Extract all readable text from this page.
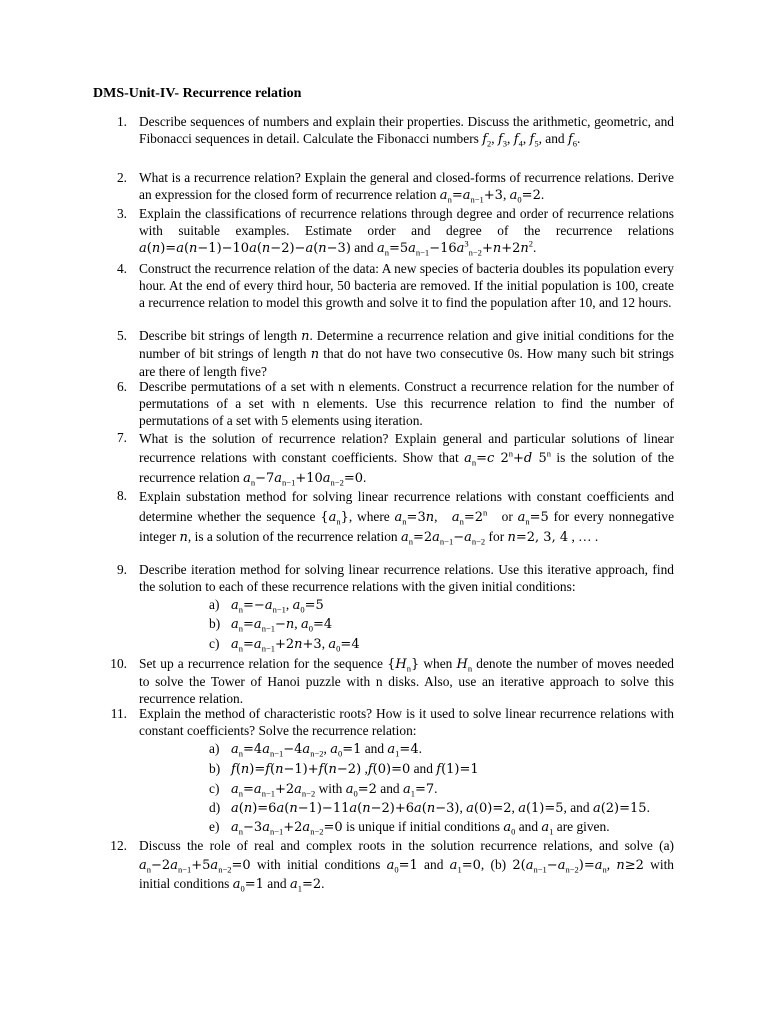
DMS-Unit-IV- Recurrence relation
1. Describe sequences of numbers and explain their properties. Discuss the arithmetic, geometric, and Fibonacci sequences in detail. Calculate the Fibonacci numbers $f_2$, $f_3$, $f_4$, $f_5$, and $f_6$.
2. What is a recurrence relation? Explain the general and closed-forms of recurrence relations. Derive an expression for the closed form of recurrence relation $a_n=a_{n-1}+3$, $a_0=2$.
3. Explain the classifications of recurrence relations through degree and order of recurrence relations with suitable examples. Estimate order and degree of the recurrence relations a(n)=a(n−1)−10a(n−2)−a(n−3) and $a_n=5a_{n-1}-16a^3_{n-2}+n+2n^2$.
4. Construct the recurrence relation of the data: A new species of bacteria doubles its population every hour. At the end of every third hour, 50 bacteria are removed. If the initial population is 100, create a recurrence relation to model this growth and solve it to find the population after 10, and 12 hours.
5. Describe bit strings of length n. Determine a recurrence relation and give initial conditions for the number of bit strings of length n that do not have two consecutive 0s. How many such bit strings are there of length five?
6. Describe permutations of a set with n elements. Construct a recurrence relation for the number of permutations of a set with n elements. Use this recurrence relation to find the number of permutations of a set with 5 elements using iteration.
7. What is the solution of recurrence relation? Explain general and particular solutions of linear recurrence relations with constant coefficients. Show that $a_n=c$ $2^n+d$ 5$^n$ is the solution of the recurrence relation $a_n-7a_{n-1}+10a_{n-2}=0$.
8. Explain substation method for solving linear recurrence relations with constant coefficients and determine whether the sequence $\{a_n\}$, where $a_n=3n$,   $a_n=2^n$   or $a_n=5$ for every nonnegative integer n, is a solution of the recurrence relation $a_n=2a_{n-1}-a_{n-2}$ for n=2, 3, 4 , … .
9. Describe iteration method for solving linear recurrence relations. Use this iterative approach, find the solution to each of these recurrence relations with the given initial conditions:
a) $a_n=-a_{n-1}$, $a_0=5$
b) $a_n=a_{n-1}-n$, $a_0=4$
c) $a_n=a_{n-1}+2n+3$, $a_0=4$
10. Set up a recurrence relation for the sequence $\{H_n\}$ when $H_n$ denote the number of moves needed to solve the Tower of Hanoi puzzle with n disks. Also, use an iterative approach to solve this recurrence relation.
11. Explain the method of characteristic roots? How is it used to solve linear recurrence relations with constant coefficients? Solve the recurrence relation:
a) $a_n=4a_{n-1}-4a_{n-2}$, $a_0=1$ and $a_1=4$.
b) f(n)=f(n−1)+f(n−2) ,f(0)=0 and f(1)=1
c) $a_n=a_{n-1}+2a_{n-2}$ with $a_0=2$ and $a_1=7$.
d) a(n)=6a(n−1)−11a(n−2)+6a(n−3), a(0)=2, a(1)=5, and a(2)=15.
e) $a_n-3a_{n-1}+2a_{n-2}=0$ is unique if initial conditions $a_0$ and $a_1$ are given.
12. Discuss the role of real and complex roots in the solution recurrence relations, and solve (a) $a_n-2a_{n-1}+5a_{n-2}=0$ with initial conditions $a_0=1$ and $a_1=0$, (b) $2(a_{n-1}-a_{n-2})=a_n$, n≥2 with initial conditions $a_0=1$ and $a_1=2$.
